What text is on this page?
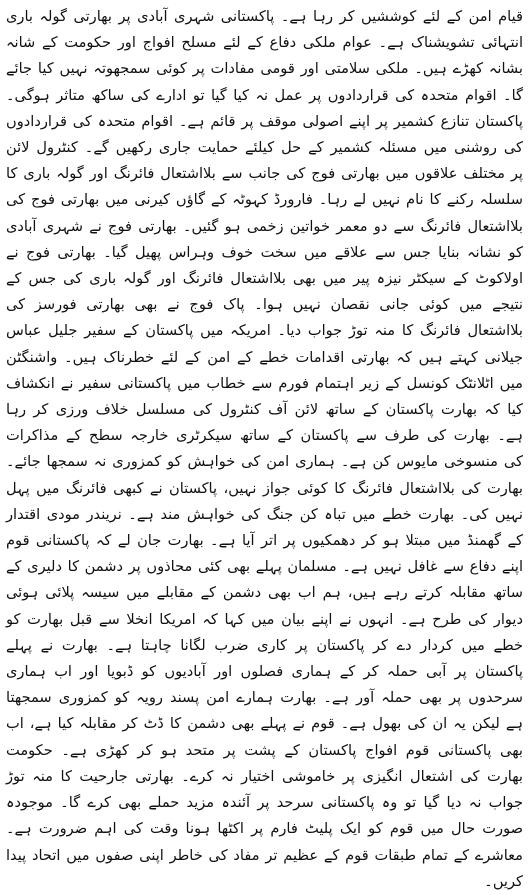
قیام امن کے لئے کوششیں کر رہا ہے۔ پاکستانی شہری آبادی پر بھارتی گولہ باری انتہائی تشویشناک ہے۔ عوام ملکی دفاع کے لئے مسلح افواج اور حکومت کے شانہ بشانہ کھڑے ہیں۔ ملکی سلامتی اور قومی مفادات پر کوئی سمجھوتہ نہیں کیا جائے گا۔ اقوام متحدہ کی قراردادوں پر عمل نہ کیا گیا تو ادارے کی ساکھ متاثر ہوگی۔ پاکستان تنازع کشمیر پر اپنے اصولی موقف پر قائم ہے۔ اقوام متحدہ کی قراردادوں کی روشنی میں مسئلہ کشمیر کے حل کیلئے حمایت جاری رکھیں گے۔ کنٹرول لائن پر مختلف علاقوں میں بھارتی فوج کی جانب سے بلااشتعال فائرنگ اور گولہ باری کا سلسلہ رکنے کا نام نہیں لے رہا۔ فارورڈ کہوٹہ کے گاؤں کیرنی میں بھارتی فوج کی بلااشتعال فائرنگ سے دو معمر خواتین زخمی ہو گئیں۔ بھارتی فوج نے شہری آبادی کو نشانہ بنایا جس سے علاقے میں سخت خوف وہراس پھیل گیا۔ بھارتی فوج نے اولاکوٹ کے سیکٹر نیزہ پیر میں بھی بلااشتعال فائرنگ اور گولہ باری کی جس کے نتیجے میں کوئی جانی نقصان نہیں ہوا۔ پاک فوج نے بھی بھارتی فورسز کی بلااشتعال فائرنگ کا منہ توڑ جواب دیا۔ امریکہ میں پاکستان کے سفیر جلیل عباس جیلانی کہتے ہیں کہ بھارتی اقدامات خطے کے امن کے لئے خطرناک ہیں۔ واشنگٹن میں اٹلانٹک کونسل کے زیر اہتمام فورم سے خطاب میں پاکستانی سفیر نے انکشاف کیا کہ بھارت پاکستان کے ساتھ لائن آف کنٹرول کی مسلسل خلاف ورزی کر رہا ہے۔ بھارت کی طرف سے پاکستان کے ساتھ سیکرٹری خارجہ سطح کے مذاکرات کی منسوخی مایوس کن ہے۔ ہماری امن کی خواہش کو کمزوری نہ سمجھا جائے۔ بھارت کی بلااشتعال فائرنگ کا کوئی جواز نہیں، پاکستان نے کبھی فائرنگ میں پہل نہیں کی۔ بھارت خطے میں تباہ کن جنگ کی خواہش مند ہے۔ نریندر مودی اقتدار کے گھمنڈ میں مبتلا ہو کر دھمکیوں پر اتر آیا ہے۔ بھارت جان لے کہ پاکستانی قوم اپنے دفاع سے غافل نہیں ہے۔ مسلمان پہلے بھی کئی محاذوں پر دشمن کا دلیری کے ساتھ مقابلہ کرتے رہے ہیں، ہم اب بھی دشمن کے مقابلے میں سیسہ پلائی ہوئی دیوار کی طرح ہے۔ انہوں نے اپنے بیان میں کہا کہ امریکا انخلا سے قبل بھارت کو خطے میں کردار دے کر پاکستان پر کاری ضرب لگانا چاہتا ہے۔ بھارت نے پہلے پاکستان پر آبی حملہ کر کے ہماری فصلوں اور آبادیوں کو ڈبویا اور اب ہماری سرحدوں پر بھی حملہ آور ہے۔ بھارت ہمارے امن پسند رویہ کو کمزوری سمجھتا ہے لیکن یہ ان کی بھول ہے۔ قوم نے پہلے بھی دشمن کا ڈٹ کر مقابلہ کیا ہے، اب بھی پاکستانی قوم افواج پاکستان کے پشت پر متحد ہو کر کھڑی ہے۔ حکومت بھارت کی اشتعال انگیزی پر خاموشی اختیار نہ کرے۔ بھارتی جارحیت کا منہ توڑ جواب نہ دیا گیا تو وہ پاکستانی سرحد پر آئندہ مزید حملے بھی کرے گا۔ موجودہ صورت حال میں قوم کو ایک پلیٹ فارم پر اکٹھا ہونا وقت کی اہم ضرورت ہے۔ معاشرے کے تمام طبقات قوم کے عظیم تر مفاد کی خاطر اپنی صفوں میں اتحاد پیدا کریں۔
